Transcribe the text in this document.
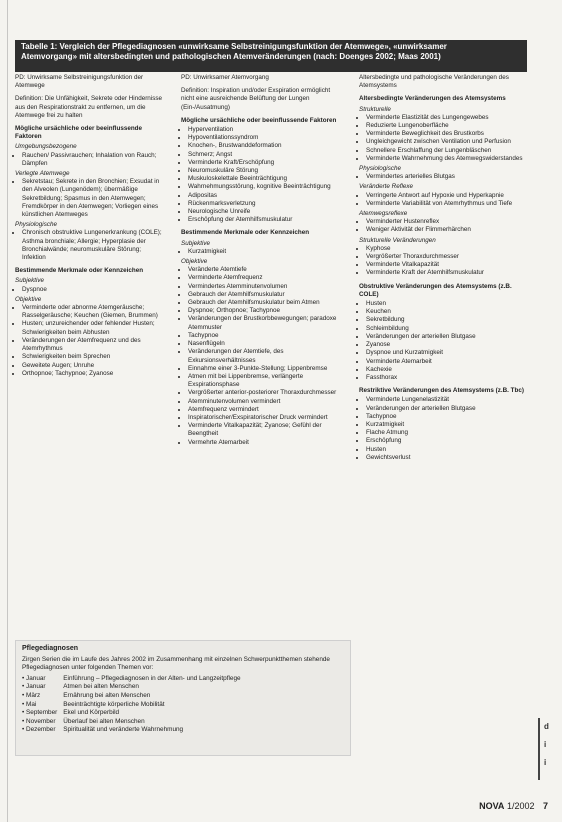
Tabelle 1: Vergleich der Pflegediagnosen «unwirksame Selbstreinigungsfunktion der Atemwege», «unwirksamer
Atemvorgang» mit altersbedingten und pathologischen Atemveränderungen (nach: Doenges 2002; Maas 2001)

PD: Unwirksame Selbstreinigungsfunktion der Atemwege

Definition: Die Unfähigkeit, Sekrete oder Hindernisse aus den Respirationstrakt zu entfernen, um die Atemwege frei zu halten

Mögliche ursächliche oder beeinflussende Faktoren
Umgebungsbezogene
• Rauchen/ Passivrauchen; Inhalation von Rauch; Dämpfen
Verlegte Atemwege
• Sekretstau; Sekrete in den Bronchien; Exsudat in den Alveolen (Lungenödem); übermäßige Sekretbildung; Spasmus in den Atemwegen; Fremdkörper in den Atemwegen; Vorliegen eines künstlichen Atemweges
Physiologische
• Chronisch obstruktive Lungenerkrankung (COLE); Asthma bronchiale; Allergie; Hyperplasie der Bronchialwände; neuromuskuläre Störung; Infektion
Bestimmende Merkmale oder Kennzeichen
Subjektive
• Dyspnoe
Objektive
• Verminderte oder abnorme Atemgeräusche; Rasselgeräusche; Keuchen (Giemen, Brummen)
• Husten; unzureichender oder fehlender Husten; Schwierigkeiten beim Abhusten
• Veränderungen der Atemfrequenz und des Atemrhythmus
• Schwierigkeiten beim Sprechen
• Geweitete Augen; Unruhe
• Orthopnoe; Tachypnoe; Zyanose

PD: Unwirksamer Atemvorgang

Definition: Inspiration und/oder Exspiration ermöglicht nicht eine ausreichende Belüftung der Lungen (Ein-/Ausatmung)

Mögliche ursächliche oder beeinflussende Faktoren
• Hyperventilation
• Hypoventilationssyndrom
• Knochen-, Brustwanddeformation
• Schmerz; Angst
• Verminderte Kraft/Erschöpfung
• Neuromuskuläre Störung
• Muskuloskelettale Beeinträchtigung
• Wahrnehmungsstörung, kognitive Beeinträchtigung
• Adipositas
• Rückenmarksverletzung
• Neurologische Unreife
• Erschöpfung der Atemhilfsmuskulatur
Bestimmende Merkmale oder Kennzeichen
Subjektive
• Kurzatmigkeit
Objektive
• Veränderte Atemtiefe
• Verminderte Atemfrequenz
• Vermindertes Atemminutenvolumen
• Gebrauch der Atemhilfsmuskulatur
• Gebrauch der Atemhilfsmuskulatur beim Atmen
• Dyspnoe; Orthopnoe; Tachypnoe
• Veränderungen der Brustkorbbewegungen; paradoxe Atemmuster
• Tachypnoe
• Nasenflügeln
• Veränderungen der Atemtiefe, des Exkursionsverhältnisses
• Einnahme einer 3-Punkte-Stellung; Lippenbremse
• Atmen mit bei Lippenbremse, verlängerte Exspirationsphase
• Vergrößerter anterior-posteriorer Thoraxdurchmesser
• Atemminutenvolumen vermindert
• Atemfrequenz vermindert
• Inspiratorischer/Exspiratorischer Druck vermindert
• Verminderte Vitalkapazität; Zyanose; Gefühl der Beengtheit
• Vermehrte Atemarbeit

Altersbedingte und pathologische Veränderungen des Atemsystems

Altersbedingte Veränderungen des Atemsystems
Strukturelle
• Verminderte Elastizität des Lungengewebes
• Reduzierte Lungenoberfläche
• Verminderte Beweglichkeit des Brustkorbs
• Ungleichgewicht zwischen Ventilation und Perfusion
• Schnellere Erschlaffung der Lungenbläschen
• Verminderte Wahrnehmung des Atemwegswiderstandes
Physiologische
• Vermindertes arterielles Blutgas
Veränderte Reflexe
• Verringerte Antwort auf Hypoxie und Hyperkapnie
• Verminderte Variabilität von Atemrhythmus und Tiefe
Atemwegsreflexe
• Verminderter Hustenreflex
• Weniger Aktivität der Flimmerhärchen
Strukturelle Veränderungen
• Kyphose
• Vergrößerter Thoraxdurchmesser
• Verminderte Vitalkapazität
• Verminderte Kraft der Atemhilfsmuskulatur
Obstruktive Veränderungen des Atemsystems (z.B. COLE)
• Husten
• Keuchen
• Sekretbildung
• Schleimbildung
• Veränderungen der arteriellen Blutgase
• Zyanose
• Dyspnoe und Kurzatmigkeit
• Verminderte Atemarbeit
• Kachexie
• Fassthorax
Restriktive Veränderungen des Atemsystems (z.B. Tbc)
• Verminderte Lungenelastizität
• Veränderungen der arteriellen Blutgase
• Tachypnoe
• Kurzatmigkeit
• Flache Atmung
• Erschöpfung
• Husten
• Gewichtsverlust
Pflegediagnosen
Zirgen Serien die im Laufe des Jahres 2002 im Zusammenhang mit einzelnen Schwerpunktthemen stehende Pflegediagnosen unter folgenden Themen vor:
• Januar	Einführung – Pflegediagnosen in der Alten- und Langzeitpflege
• Januar	Atmen bei alten Menschen
• März	Ernährung bei alten Menschen
• Mai	Beeinträchtigte körperliche Mobilität
• September	Ekel und Körperbild
• November	Überlauf bei alten Menschen
• Dezember	Spiritualität und veränderte Wahrnehmung	d
i
i
NOVA 1/2002 7
